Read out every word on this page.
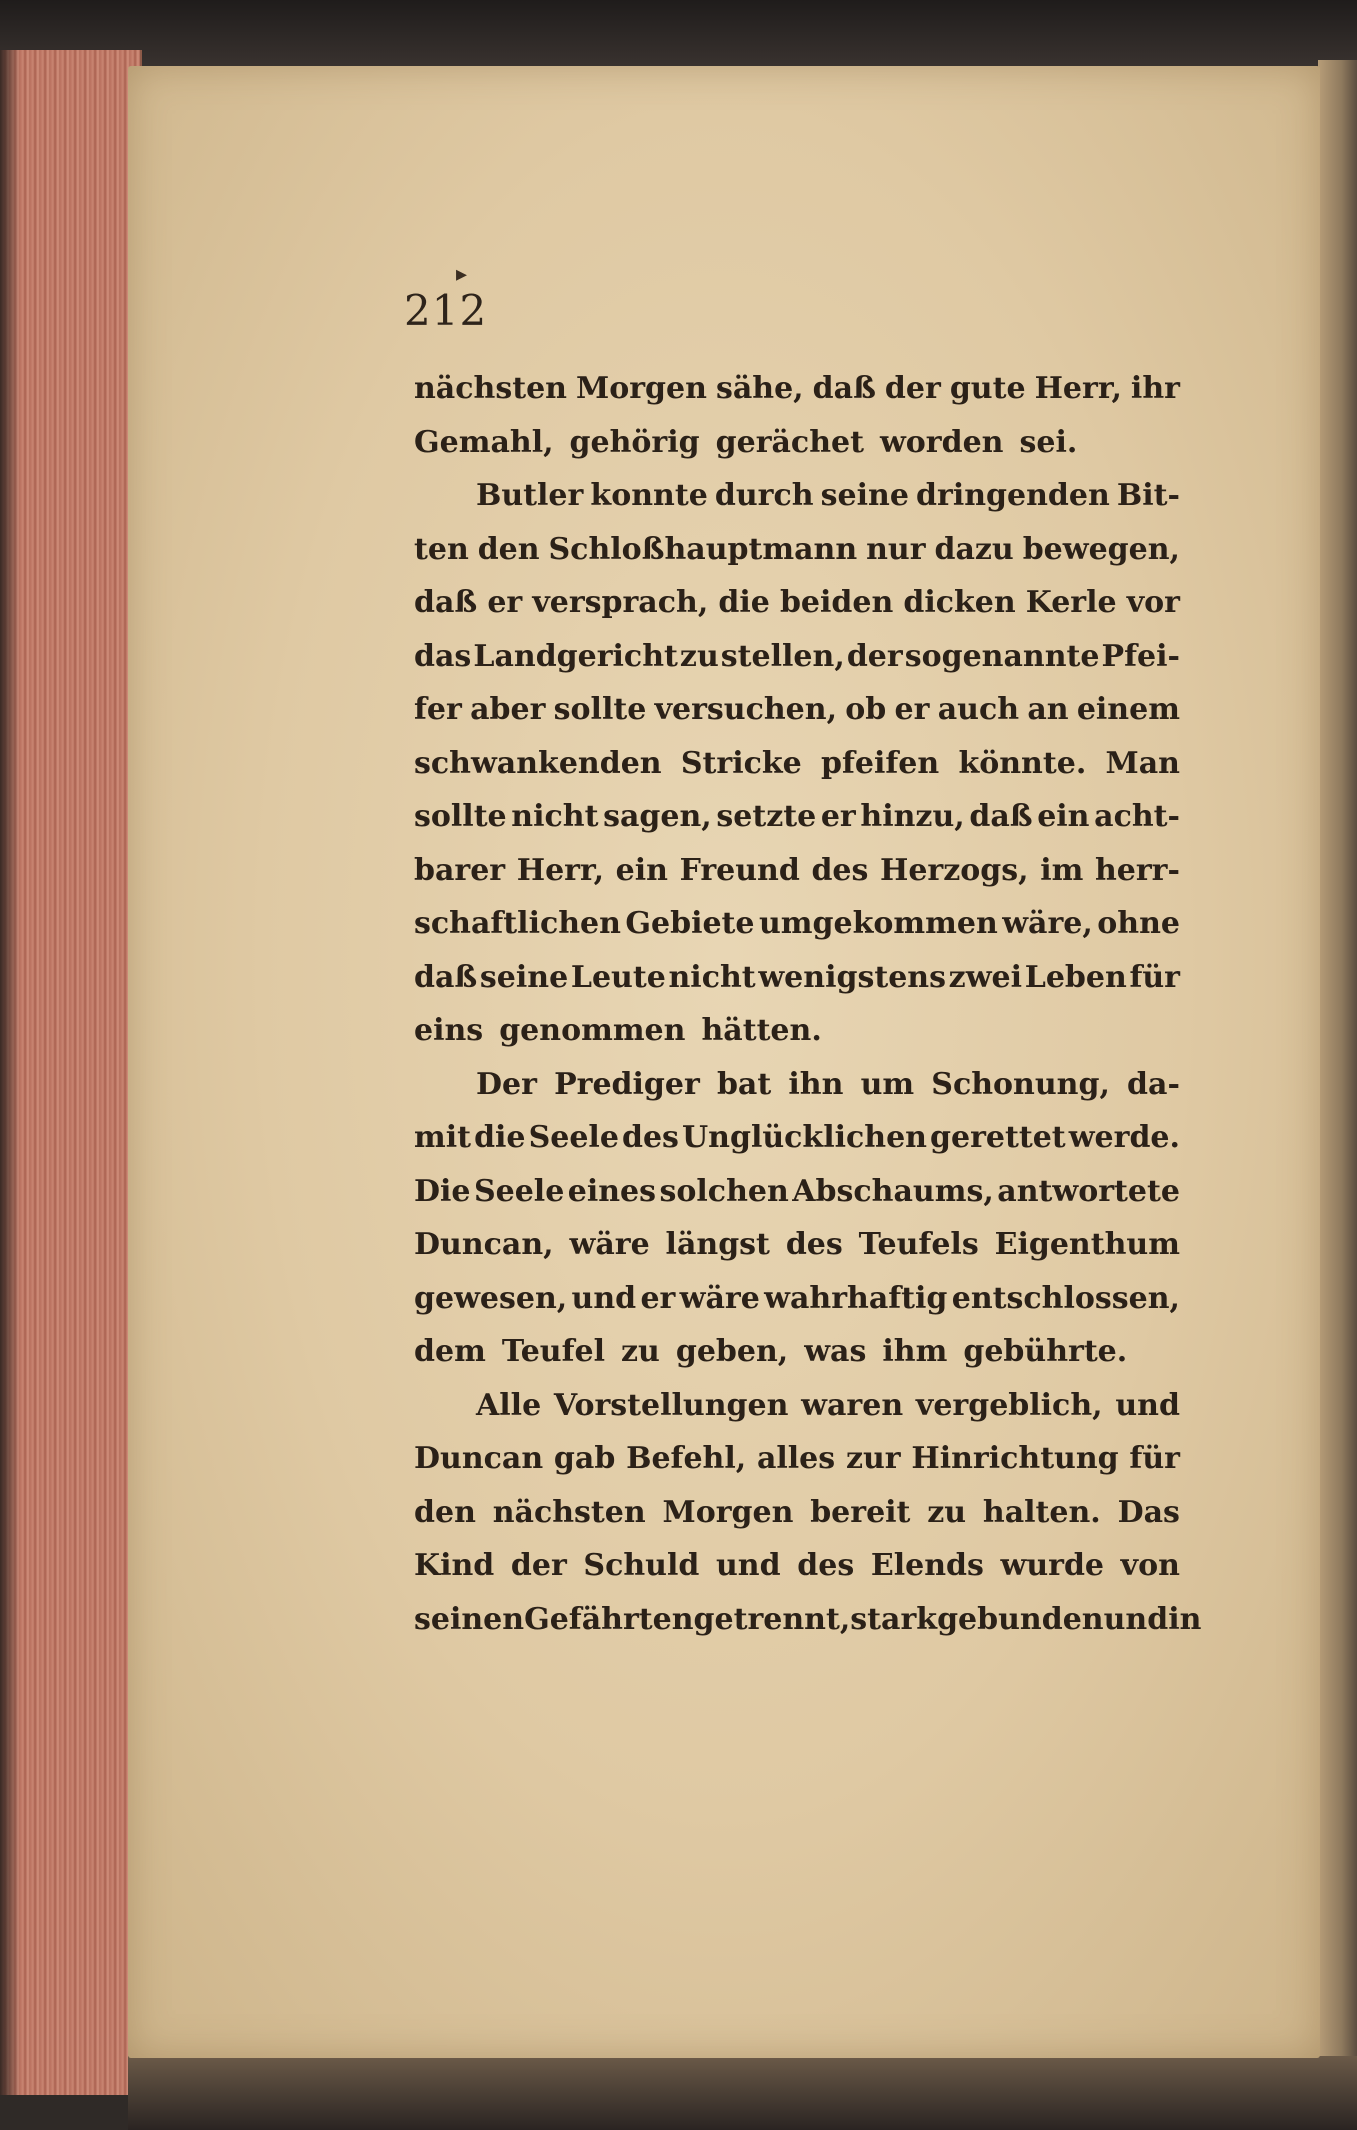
▸
212
nächsten Morgen sähe, daß der gute Herr, ihr
Gemahl, gehörig gerächet worden sei.
Butler konnte durch seine dringenden Bit-
ten den Schloßhauptmann nur dazu bewegen,
daß er versprach, die beiden dicken Kerle vor
das Landgericht zu stellen, der sogenannte Pfei-
fer aber sollte versuchen, ob er auch an einem
schwankenden Stricke pfeifen könnte. Man
sollte nicht sagen, setzte er hinzu, daß ein acht-
barer Herr, ein Freund des Herzogs, im herr-
schaftlichen Gebiete umgekommen wäre, ohne
daß seine Leute nicht wenigstens zwei Leben für
eins genommen hätten.
Der Prediger bat ihn um Schonung, da-
mit die Seele des Unglücklichen gerettet werde.
Die Seele eines solchen Abschaums, antwortete
Duncan, wäre längst des Teufels Eigenthum
gewesen, und er wäre wahrhaftig entschlossen,
dem Teufel zu geben, was ihm gebührte.
Alle Vorstellungen waren vergeblich, und
Duncan gab Befehl, alles zur Hinrichtung für
den nächsten Morgen bereit zu halten. Das
Kind der Schuld und des Elends wurde von
seinen Gefährten getrennt, stark gebunden und in
